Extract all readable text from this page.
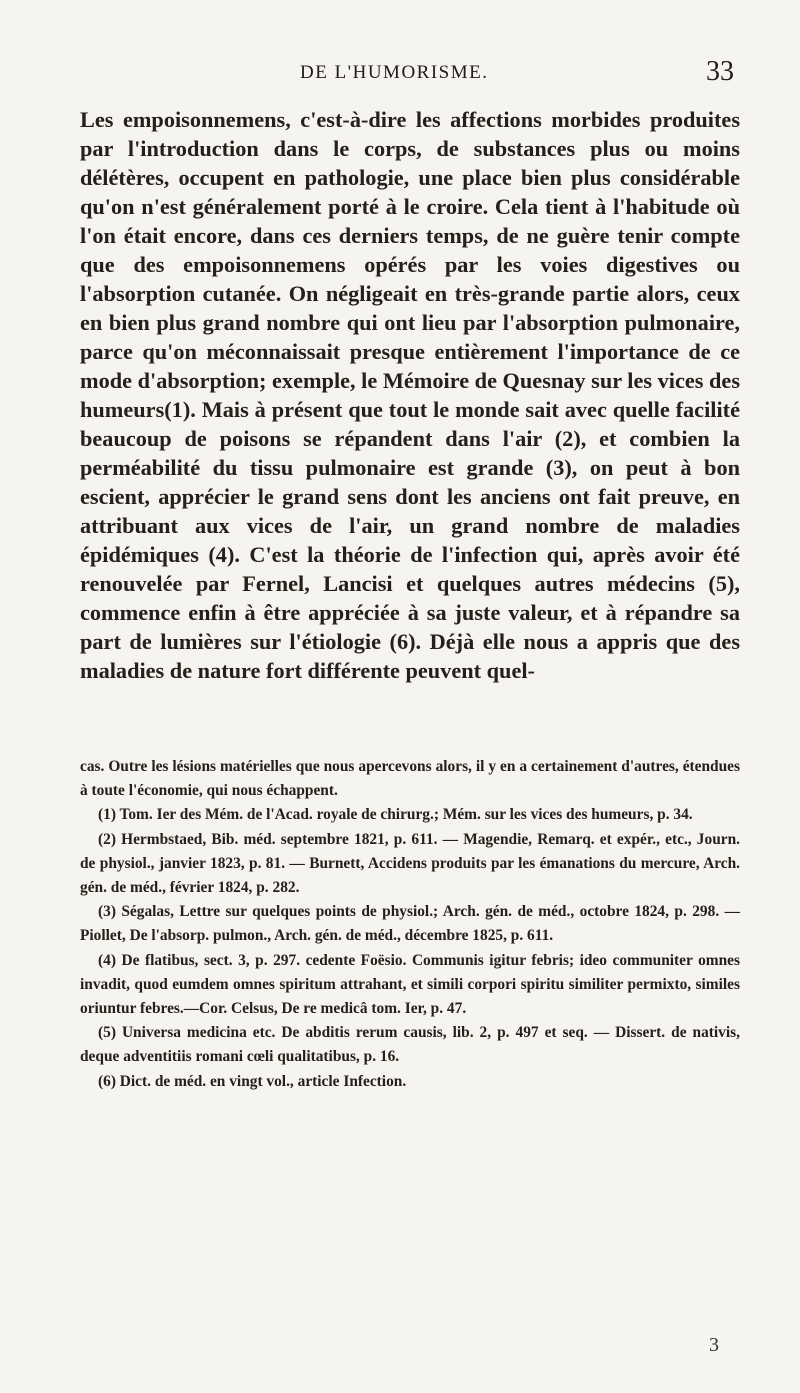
DE L'HUMORISME.	33
Les empoisonnemens, c'est-à-dire les affections morbides produites par l'introduction dans le corps, de substances plus ou moins délétères, occupent en pathologie, une place bien plus considérable qu'on n'est généralement porté à le croire. Cela tient à l'habitude où l'on était encore, dans ces derniers temps, de ne guère tenir compte que des empoisonnemens opérés par les voies digestives ou l'absorption cutanée. On négligeait en très-grande partie alors, ceux en bien plus grand nombre qui ont lieu par l'absorption pulmonaire, parce qu'on méconnaissait presque entièrement l'importance de ce mode d'absorption; exemple, le Mémoire de Quesnay sur les vices des humeurs(1). Mais à présent que tout le monde sait avec quelle facilité beaucoup de poisons se répandent dans l'air (2), et combien la perméabilité du tissu pulmonaire est grande (3), on peut à bon escient, apprécier le grand sens dont les anciens ont fait preuve, en attribuant aux vices de l'air, un grand nombre de maladies épidémiques (4). C'est la théorie de l'infection qui, après avoir été renouvelée par Fernel, Lancisi et quelques autres médecins (5), commence enfin à être appréciée à sa juste valeur, et à répandre sa part de lumières sur l'étiologie (6). Déjà elle nous a appris que des maladies de nature fort différente peuvent quel-

cas. Outre les lésions matérielles que nous apercevons alors, il y en a certainement d'autres, étendues à toute l'économie, qui nous échappent.

(1) Tom. Ier des Mém. de l'Acad. royale de chirurg.; Mém. sur les vices des humeurs, p. 34.

(2) Hermbstaed, Bib. méd. septembre 1821, p. 611. — Magendie, Remarq. et expér., etc., Journ. de physiol., janvier 1823, p. 81. — Burnett, Accidens produits par les émanations du mercure, Arch. gén. de méd., février 1824, p. 282.

(3) Ségalas, Lettre sur quelques points de physiol.; Arch. gén. de méd., octobre 1824, p. 298. — Piollet, De l'absorp. pulmon., Arch. gén. de méd., décembre 1825, p. 611.

(4) De flatibus, sect. 3, p. 297. cedente Foësio. Communis igitur febris; ideo communiter omnes invadit, quod eumdem omnes spiritum attrahant, et simili corpori spiritu similiter permixto, similes oriuntur febres.—Cor. Celsus, De re medicâ tom. Ier, p. 47.

(5) Universa medicina etc. De abditis rerum causis, lib. 2, p. 497 et seq. — Dissert. de nativis, deque adventitiis romani cœli qualitatibus, p. 16.

(6) Dict. de méd. en vingt vol., article Infection.

3
